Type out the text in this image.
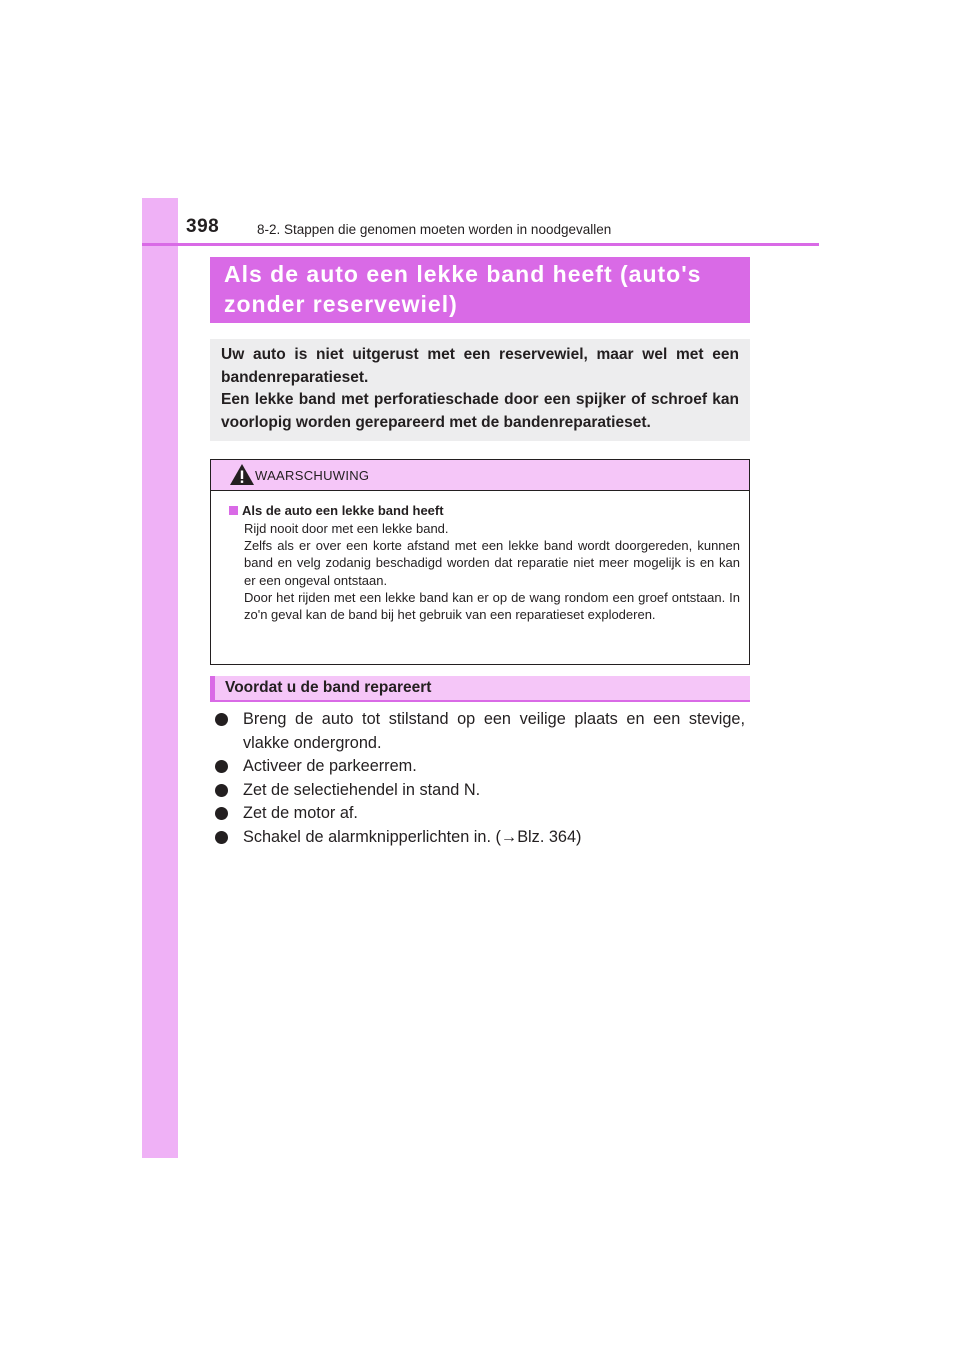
398	8-2. Stappen die genomen moeten worden in noodgevallen

Als de auto een lekke band heeft (auto's

zonder reservewiel)

Uw auto is niet uitgerust met een reservewiel, maar wel met een bandenreparatieset.

Een lekke band met perforatieschade door een spijker of schroef kan voorlopig worden gerepareerd met de bandenreparatieset.

WAARSCHUWING

Als de auto een lekke band heeft

Rijd nooit door met een lekke band.

Zelfs als er over een korte afstand met een lekke band wordt doorgereden, kunnen band en velg zodanig beschadigd worden dat reparatie niet meer mogelijk is en kan er een ongeval ontstaan.

Door het rijden met een lekke band kan er op de wang rondom een groef ontstaan. In zo'n geval kan de band bij het gebruik van een reparatieset exploderen.

Voordat u de band repareert
Breng de auto tot stilstand op een veilige plaats en een stevige, vlakke ondergrond.
Activeer de parkeerrem.
Zet de selectiehendel in stand N.
Zet de motor af.
Schakel de alarmknipperlichten in. (→Blz. 364)
